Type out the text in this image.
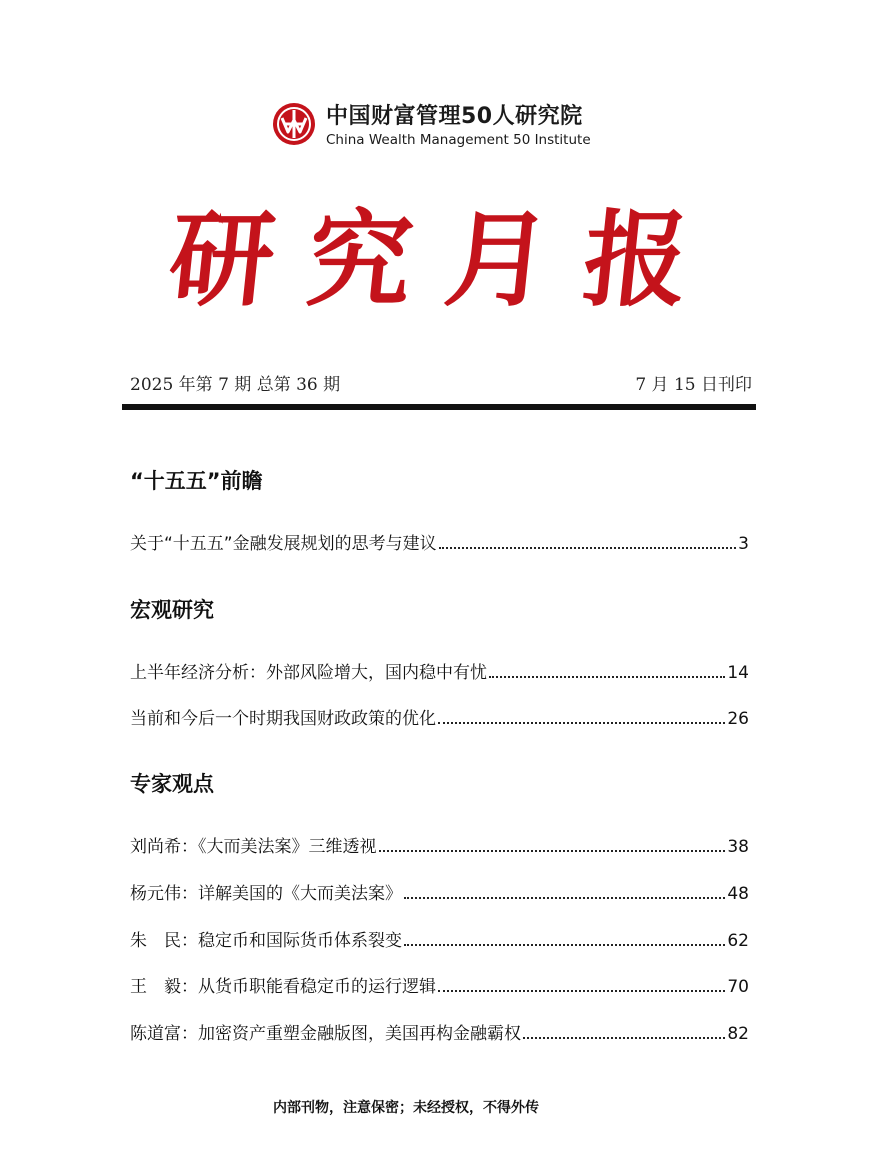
中国财富管理50人研究院
China Wealth Management 50 Institute
研究月报
2025 年第 7 期 总第 36 期	7 月 15 日刊印
“十五五”前瞻
关于“十五五”金融发展规划的思考与建议	3
宏观研究
上半年经济分析：外部风险增大，国内稳中有忧	14
当前和今后一个时期我国财政政策的优化	26
专家观点
刘尚希：《大而美法案》三维透视	38
杨元伟：详解美国的《大而美法案》	48
朱　民：稳定币和国际货币体系裂变	62
王　毅：从货币职能看稳定币的运行逻辑	70
陈道富：加密资产重塑金融版图，美国再构金融霸权	82
内部刊物，注意保密；未经授权，不得外传
